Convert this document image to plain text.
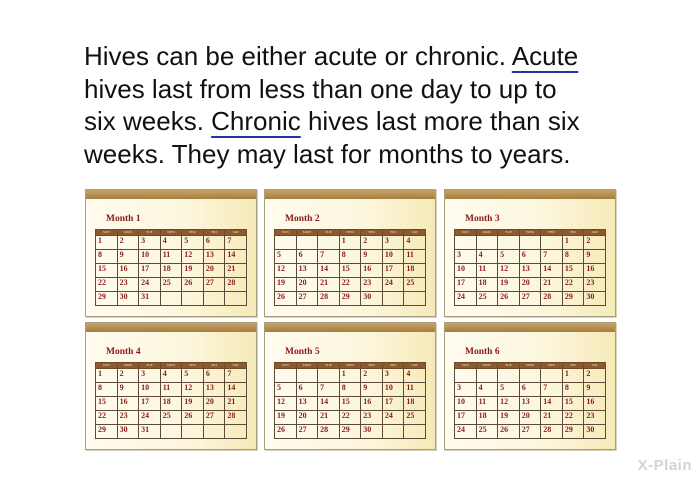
Hives can be either acute or chronic. Acute
hives last from less than one day to up to
six weeks. Chronic hives last more than six
weeks. They may last for months to years.
Month 1
SUN	MON	TUE	WED	THU	FRI	SAT
1	2	3	4	5	6	7
8	9	10	11	12	13	14
15	16	17	18	19	20	21
22	23	24	25	26	27	28
29	30	31				
Month 2
SUN	MON	TUE	WED	THU	FRI	SAT
			1	2	3	4
5	6	7	8	9	10	11
12	13	14	15	16	17	18
19	20	21	22	23	24	25
26	27	28	29	30		
Month 3
SUN	MON	TUE	WED	THU	FRI	SAT
					1	2
3	4	5	6	7	8	9
10	11	12	13	14	15	16
17	18	19	20	21	22	23
24	25	26	27	28	29	30
Month 4
SUN	MON	TUE	WED	THU	FRI	SAT
1	2	3	4	5	6	7
8	9	10	11	12	13	14
15	16	17	18	19	20	21
22	23	24	25	26	27	28
29	30	31				
Month 5
SUN	MON	TUE	WED	THU	FRI	SAT
			1	2	3	4
5	6	7	8	9	10	11
12	13	14	15	16	17	18
19	20	21	22	23	24	25
26	27	28	29	30		
Month 6
SUN	MON	TUE	WED	THU	FRI	SAT
					1	2
3	4	5	6	7	8	9
10	11	12	13	14	15	16
17	18	19	20	21	22	23
24	25	26	27	28	29	30
X-Plain
